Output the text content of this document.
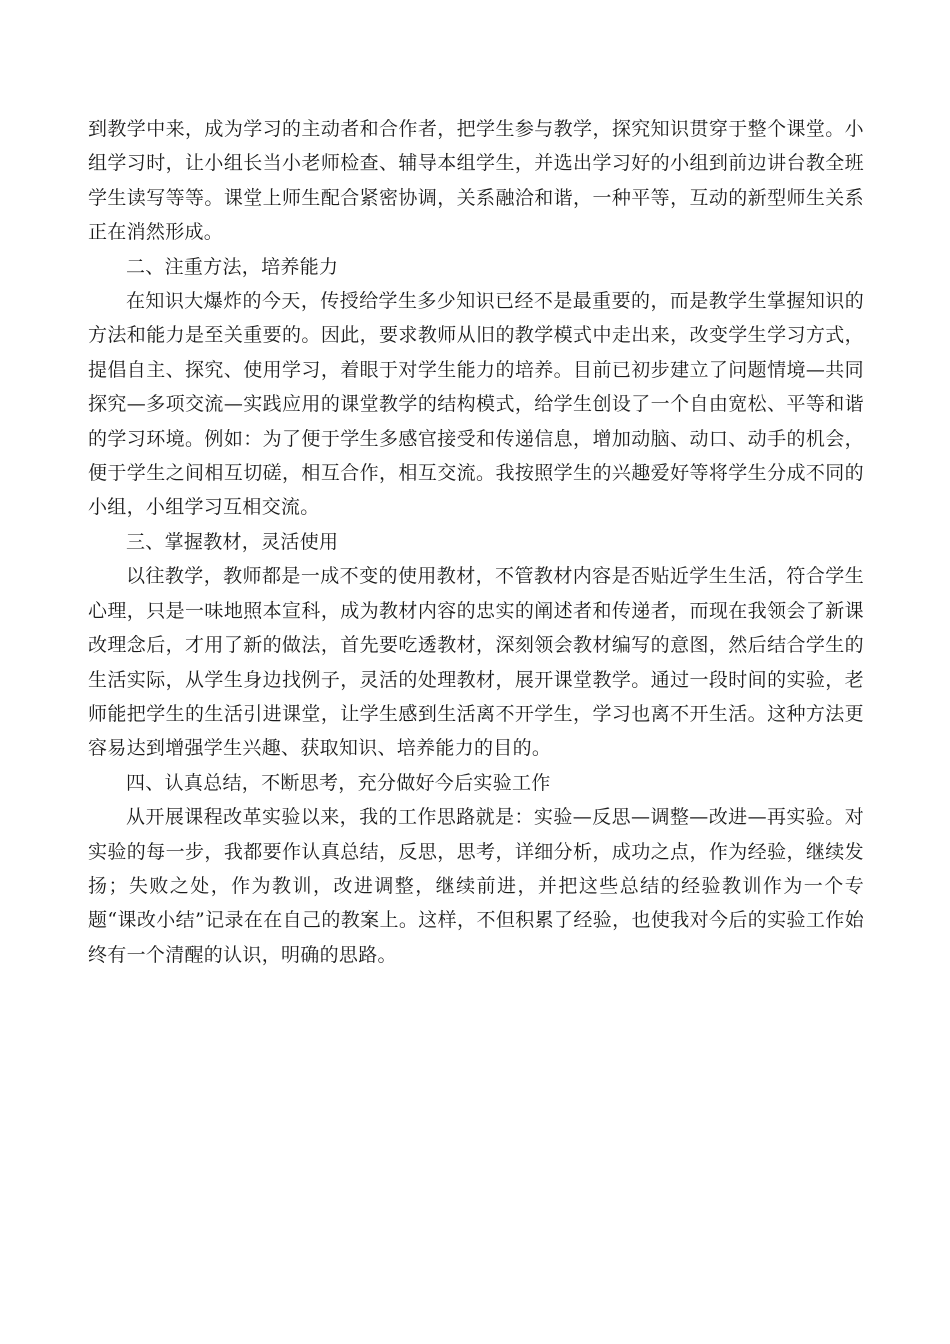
到教学中来，成为学习的主动者和合作者，把学生参与教学，探究知识贯穿于整个课堂。小组学习时，让小组长当小老师检查、辅导本组学生，并选出学习好的小组到前边讲台教全班学生读写等等。课堂上师生配合紧密协调，关系融洽和谐，一种平等，互动的新型师生关系正在消然形成。

二、注重方法，培养能力

在知识大爆炸的今天，传授给学生多少知识已经不是最重要的，而是教学生掌握知识的方法和能力是至关重要的。因此，要求教师从旧的教学模式中走出来，改变学生学习方式，提倡自主、探究、使用学习，着眼于对学生能力的培养。目前已初步建立了问题情境—共同探究—多项交流—实践应用的课堂教学的结构模式，给学生创设了一个自由宽松、平等和谐的学习环境。例如：为了便于学生多感官接受和传递信息，增加动脑、动口、动手的机会，便于学生之间相互切磋，相互合作，相互交流。我按照学生的兴趣爱好等将学生分成不同的小组，小组学习互相交流。

三、掌握教材，灵活使用

以往教学，教师都是一成不变的使用教材，不管教材内容是否贴近学生生活，符合学生心理，只是一味地照本宣科，成为教材内容的忠实的阐述者和传递者，而现在我领会了新课改理念后，才用了新的做法，首先要吃透教材，深刻领会教材编写的意图，然后结合学生的生活实际，从学生身边找例子，灵活的处理教材，展开课堂教学。通过一段时间的实验，老师能把学生的生活引进课堂，让学生感到生活离不开学生，学习也离不开生活。这种方法更容易达到增强学生兴趣、获取知识、培养能力的目的。

四、认真总结，不断思考，充分做好今后实验工作

从开展课程改革实验以来，我的工作思路就是：实验—反思—调整—改进—再实验。对实验的每一步，我都要作认真总结，反思，思考，详细分析，成功之点，作为经验，继续发扬；失败之处，作为教训，改进调整，继续前进，并把这些总结的经验教训作为一个专题“课改小结”记录在在自己的教案上。这样，不但积累了经验，也使我对今后的实验工作始终有一个清醒的认识，明确的思路。
